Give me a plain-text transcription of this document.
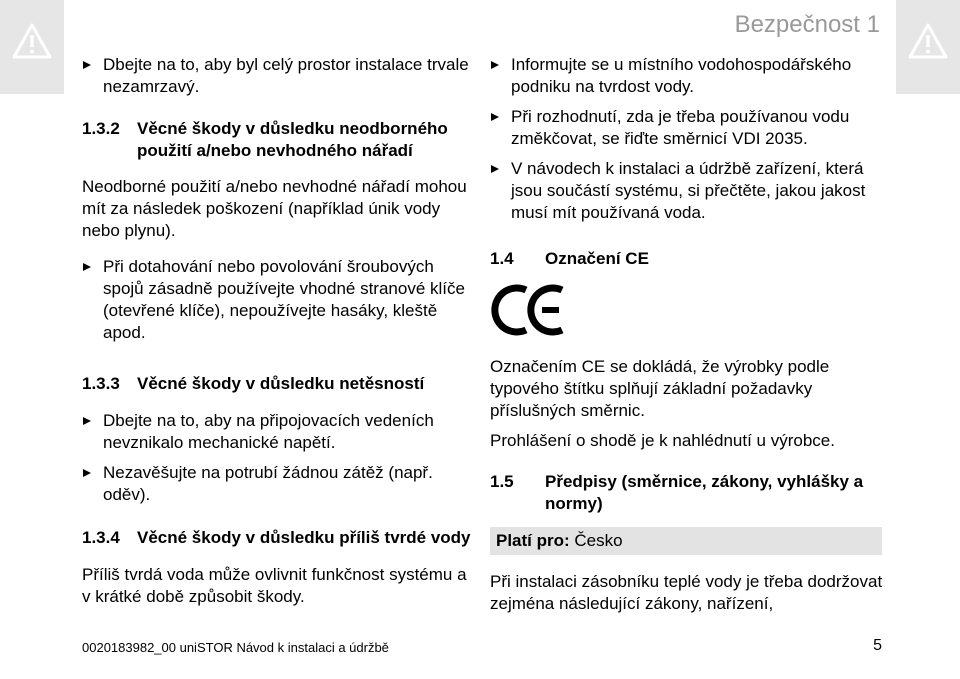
Bezpečnost 1

Dbejte na to, aby byl celý prostor instalace trvale nezamrzavý.

1.3.2 Věcné škody v důsledku neodborného použití a/nebo nevhodného nářadí

Neodborné použití a/nebo nevhodné nářadí mohou mít za následek poškození (například únik vody nebo plynu).

Při dotahování nebo povolování šroubových spojů zásadně používejte vhodné stranové klíče (otevřené klíče), nepoužívejte hasáky, kleště apod.

1.3.3 Věcné škody v důsledku netěsností

Dbejte na to, aby na připojovacích vedeních nevznikalo mechanické napětí.

Nezavěšujte na potrubí žádnou zátěž (např. oděv).

1.3.4 Věcné škody v důsledku příliš tvrdé vody

Příliš tvrdá voda může ovlivnit funkčnost systému a v krátké době způsobit škody.

Informujte se u místního vodohospodářského podniku na tvrdost vody.

Při rozhodnutí, zda je třeba používanou vodu změkčovat, se řiďte směrnicí VDI 2035.

V návodech k instalaci a údržbě zařízení, která jsou součástí systému, si přečtěte, jakou jakost musí mít používaná voda.

1.4 Označení CE

Označením CE se dokládá, že výrobky podle typového štítku splňují základní požadavky příslušných směrnic.

Prohlášení o shodě je k nahlédnutí u výrobce.

1.5 Předpisy (směrnice, zákony, vyhlášky a normy)

Platí pro: Česko

Při instalaci zásobníku teplé vody je třeba dodržovat zejména následující zákony, nařízení,

0020183982_00 uniSTOR Návod k instalaci a údržbě	5
